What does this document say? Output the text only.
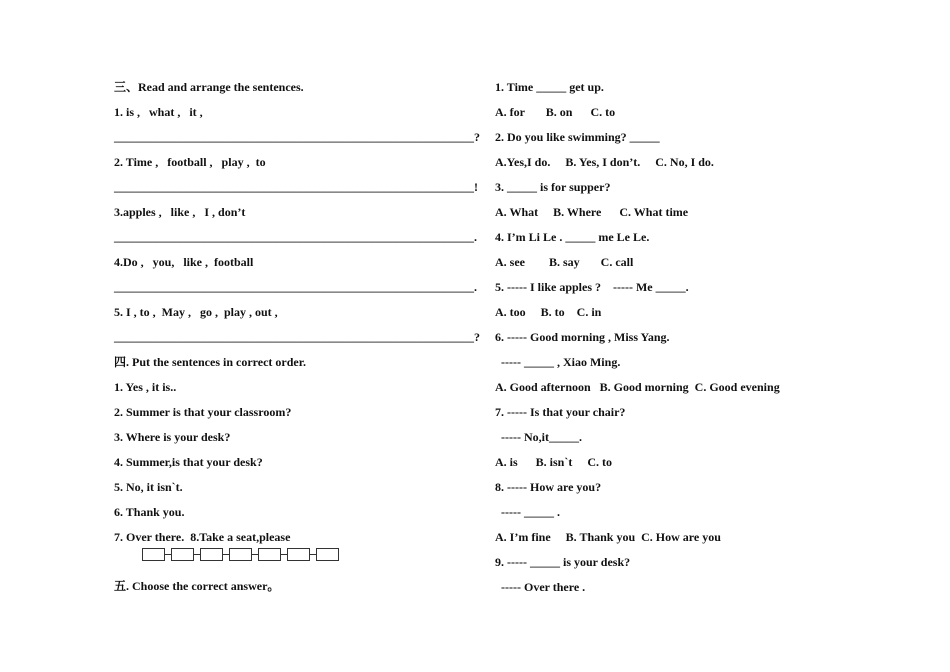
三、Read and arrange the sentences.
1. is ,   what ,   it ,
____________________________________________________________?
2. Time ,   football ,   play ,  to
____________________________________________________________!
3.apples ,   like ,   I , don’t
____________________________________________________________.
4.Do ,   you,   like ,  football
____________________________________________________________.
5. I , to ,  May ,   go ,  play , out ,
____________________________________________________________?
四. Put the sentences in correct order.
1. Yes , it is..
2. Summer is that your classroom?
3. Where is your desk?
4. Summer,is that your desk?
5. No, it isn`t.
6. Thank you.
7. Over there.  8.Take a seat,please
五. Choose the correct answer。
1. Time _____ get up.
A. for       B. on      C. to
2. Do you like swimming? _____
A.Yes,I do.     B. Yes, I don’t.     C. No, I do.
3. _____ is for supper?
A. What     B. Where      C. What time
4. I’m Li Le . _____ me Le Le.
A. see        B. say       C. call
5. ----- I like apples ?    ----- Me _____.
A. too     B. to    C. in
6. ----- Good morning , Miss Yang.
----- _____ , Xiao Ming.
A. Good afternoon   B. Good morning  C. Good evening
7. ----- Is that your chair?
----- No,it_____.
A. is      B. isn`t     C. to
8. ----- How are you?
----- _____ .
A. I’m fine     B. Thank you  C. How are you
9. ----- _____ is your desk?
----- Over there .
